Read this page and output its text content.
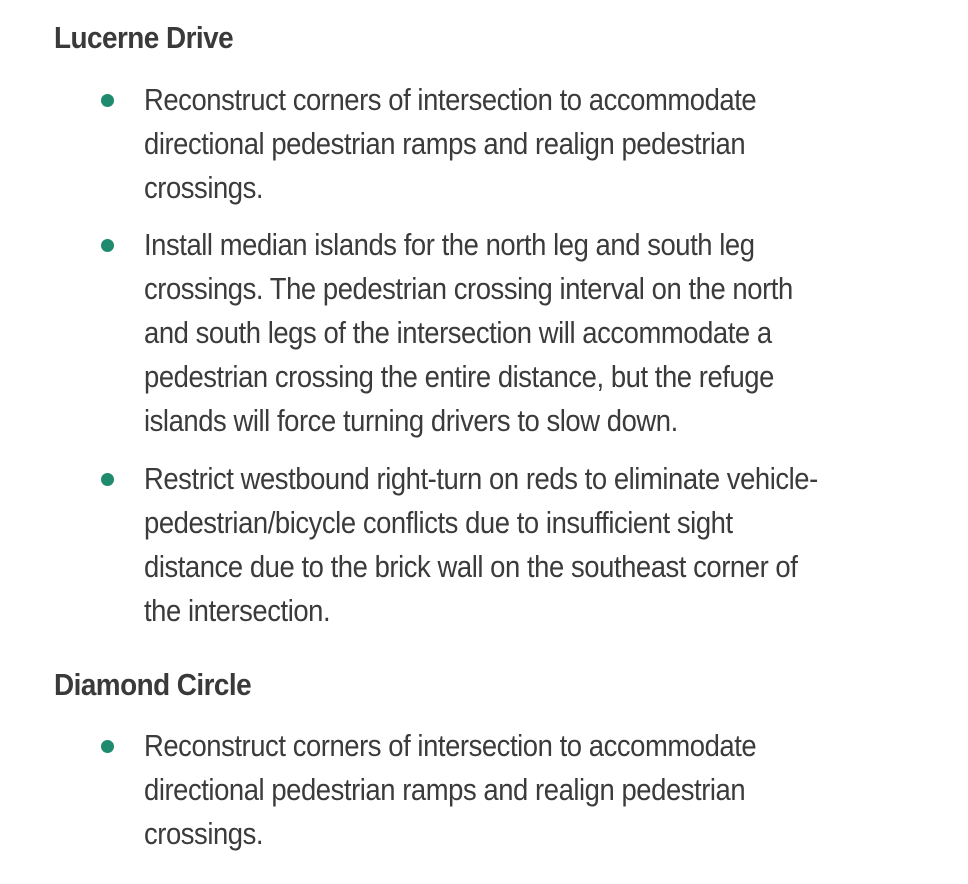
Lucerne Drive

Reconstruct corners of intersection to accommodate
directional pedestrian ramps and realign pedestrian
crossings.

Install median islands for the north leg and south leg
crossings. The pedestrian crossing interval on the north
and south legs of the intersection will accommodate a
pedestrian crossing the entire distance, but the refuge
islands will force turning drivers to slow down.

Restrict westbound right-turn on reds to eliminate vehicle-
pedestrian/bicycle conflicts due to insufficient sight
distance due to the brick wall on the southeast corner of
the intersection.

Diamond Circle

Reconstruct corners of intersection to accommodate
directional pedestrian ramps and realign pedestrian
crossings.
